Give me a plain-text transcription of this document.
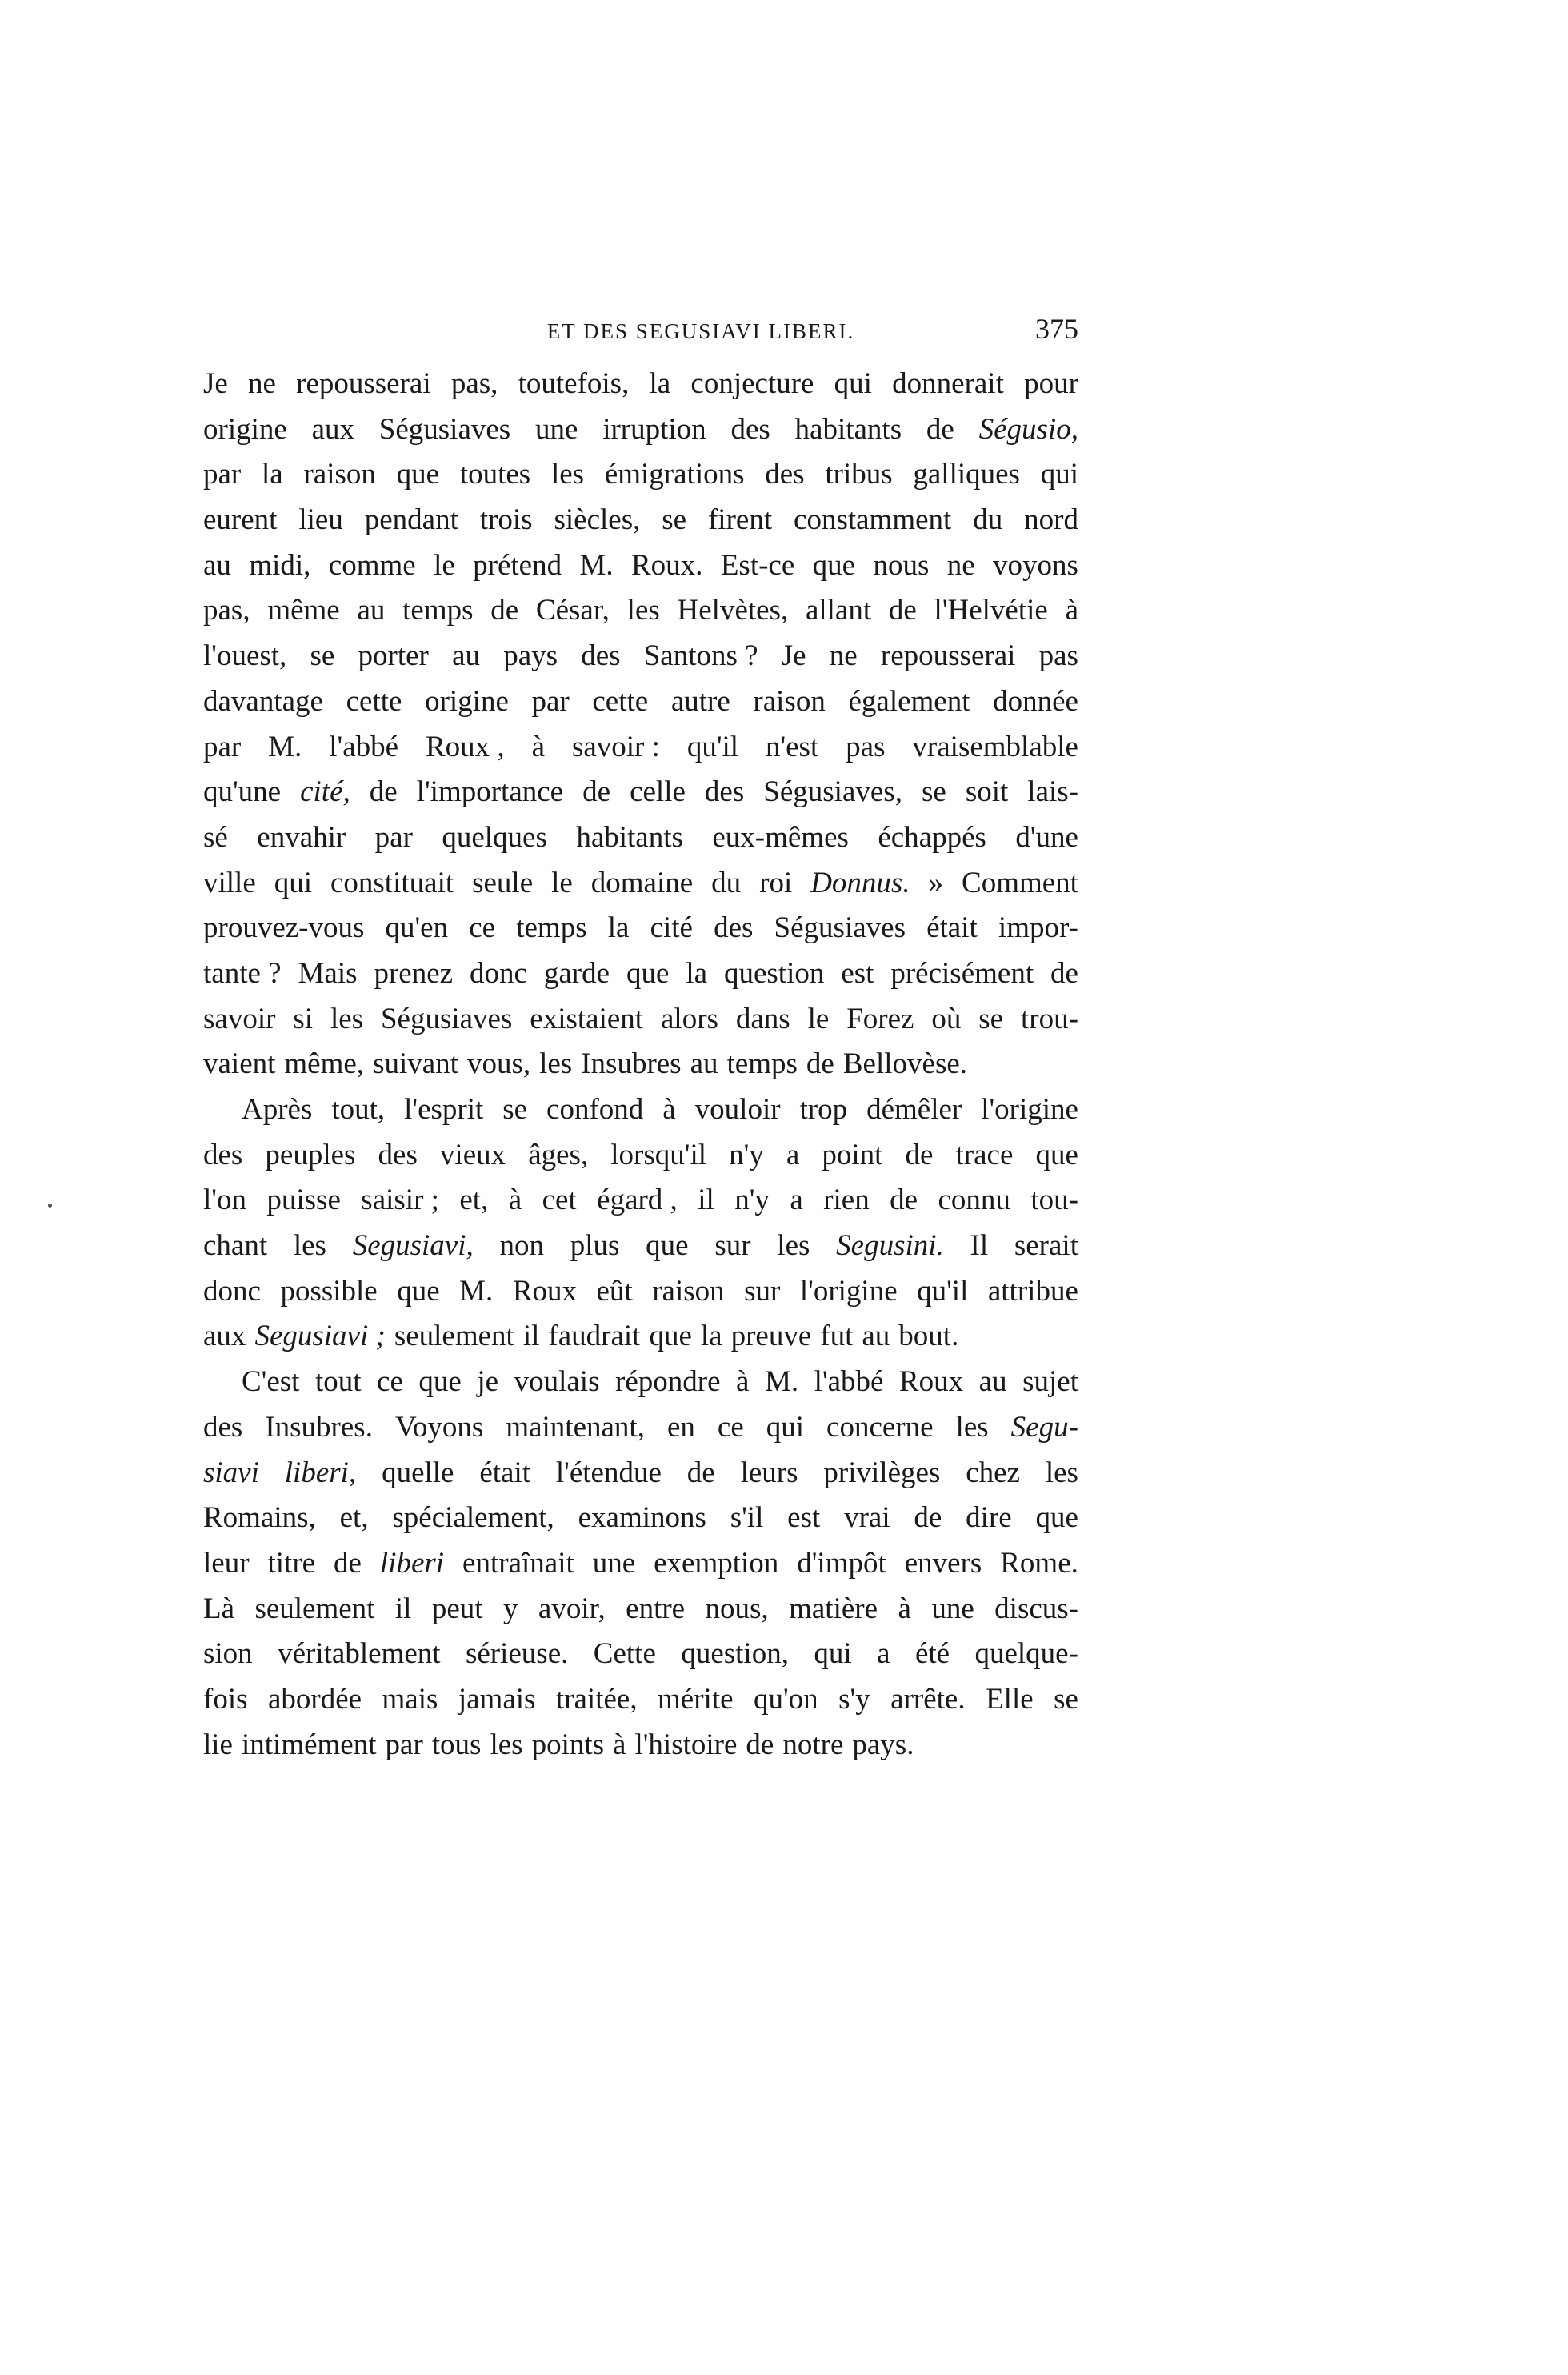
ET DES SEGUSIAVI LIBERI.	375
Je ne repousserai pas, toutefois, la conjecture qui donnerait pour
origine aux Ségusiaves une irruption des habitants de Ségusio,
par la raison que toutes les émigrations des tribus galliques qui
eurent lieu pendant trois siècles, se firent constamment du nord
au midi, comme le prétend M. Roux. Est-ce que nous ne voyons
pas, même au temps de César, les Helvètes, allant de l'Helvétie à
l'ouest, se porter au pays des Santons ? Je ne repousserai pas
davantage cette origine par cette autre raison également donnée
par M. l'abbé Roux , à savoir : qu'il n'est pas vraisemblable
qu'une cité, de l'importance de celle des Ségusiaves, se soit lais-
sé envahir par quelques habitants eux-mêmes échappés d'une
ville qui constituait seule le domaine du roi Donnus. » Comment
prouvez-vous qu'en ce temps la cité des Ségusiaves était impor-
tante ? Mais prenez donc garde que la question est précisément de
savoir si les Ségusiaves existaient alors dans le Forez où se trou-
vaient même, suivant vous, les Insubres au temps de Bellovèse.
Après tout, l'esprit se confond à vouloir trop démêler l'origine
des peuples des vieux âges, lorsqu'il n'y a point de trace que
l'on puisse saisir ; et, à cet égard , il n'y a rien de connu tou-
chant les Segusiavi, non plus que sur les Segusini. Il serait
donc possible que M. Roux eût raison sur l'origine qu'il attribue
aux Segusiavi ; seulement il faudrait que la preuve fut au bout.
C'est tout ce que je voulais répondre à M. l'abbé Roux au sujet
des Insubres. Voyons maintenant, en ce qui concerne les Segu-
siavi liberi, quelle était l'étendue de leurs privilèges chez les
Romains, et, spécialement, examinons s'il est vrai de dire que
leur titre de liberi entraînait une exemption d'impôt envers Rome.
Là seulement il peut y avoir, entre nous, matière à une discus-
sion véritablement sérieuse. Cette question, qui a été quelque-
fois abordée mais jamais traitée, mérite qu'on s'y arrête. Elle se
lie intimément par tous les points à l'histoire de notre pays.
